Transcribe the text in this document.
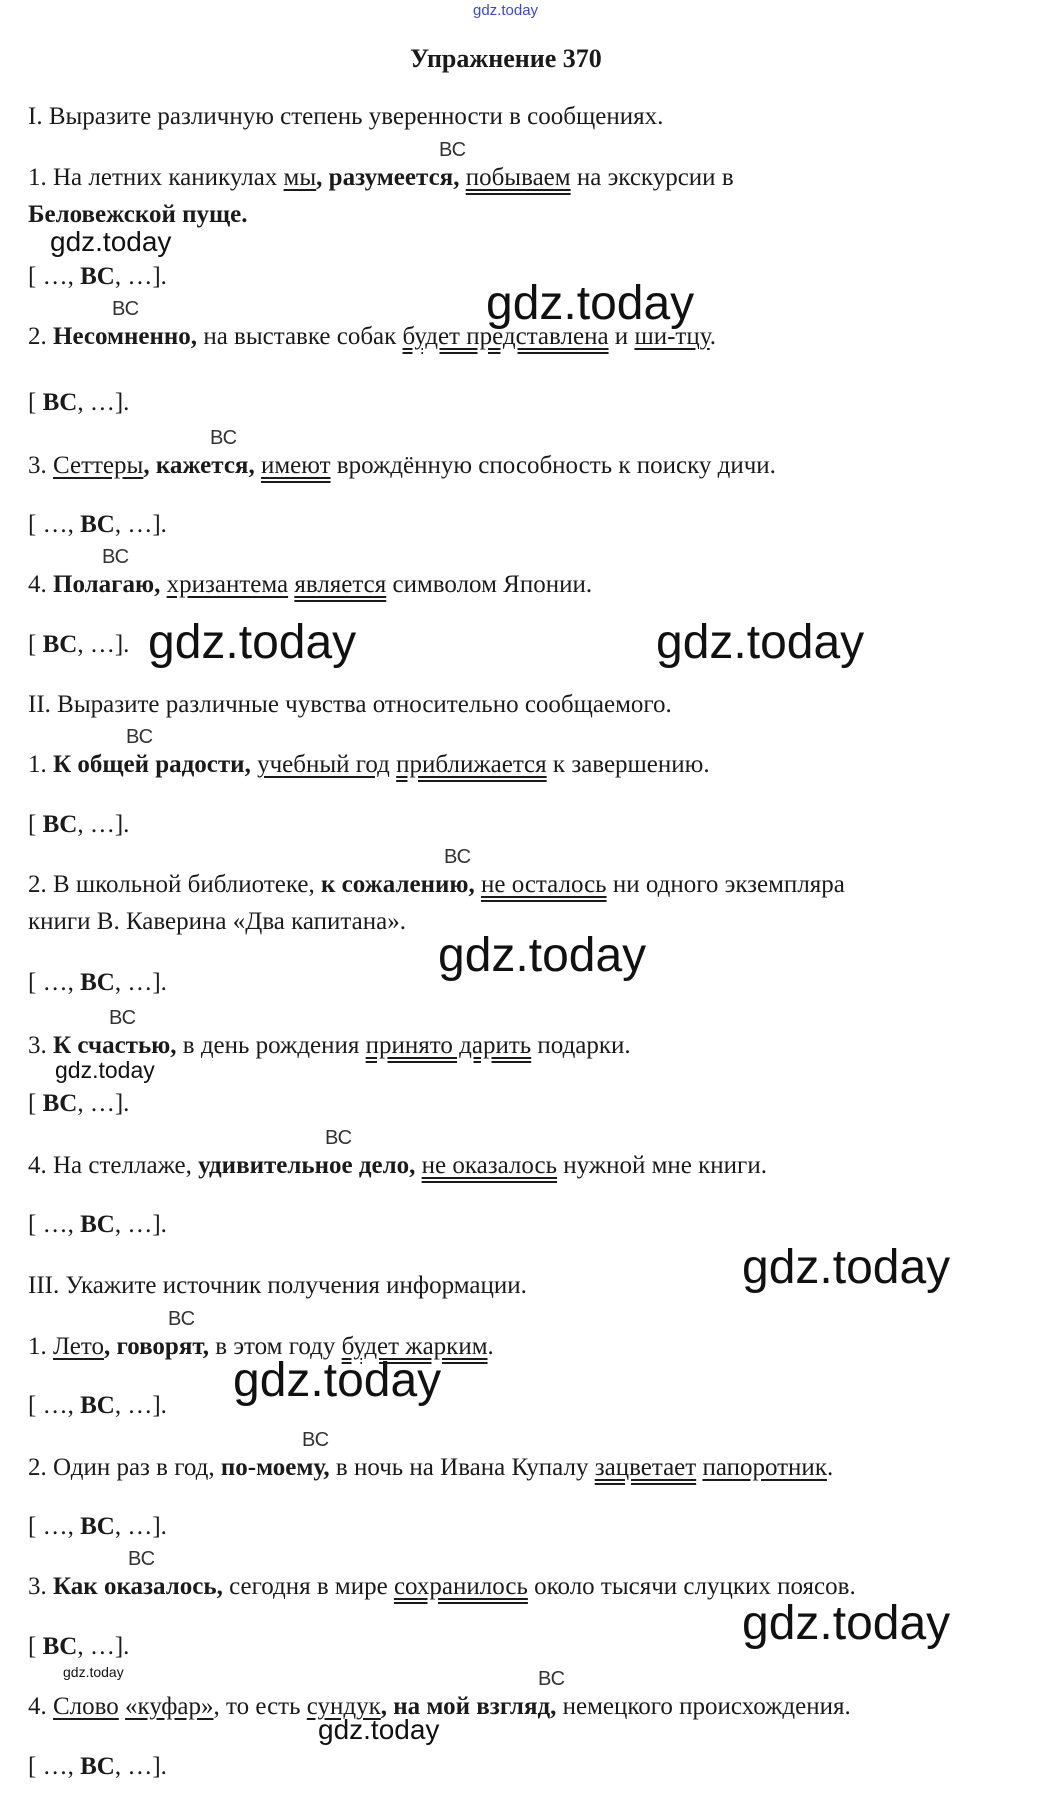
gdz.today
gdz.today
gdz.today
gdz.today	gdz.today
gdz.today
gdz.today
gdz.today
gdz.today
gdz.today
gdz.today
gdz.today
Упражнение 370
I. Выразите различную степень уверенности в сообщениях.
ВС
1. На летних каникулах мы, разумеется, побываем на экскурсии в
Беловежской пуще.
[ …, ВС, …].
ВС
2. Несомненно, на выставке собак будет представлена и ши-тцу.
[ ВС, …].
ВС
3. Сеттеры, кажется, имеют врождённую способность к поиску дичи.
[ …, ВС, …].
ВС
4. Полагаю, хризантема является символом Японии.
[ ВС, …].
II. Выразите различные чувства относительно сообщаемого.
ВС
1. К общей радости, учебный год приближается к завершению.
[ ВС, …].
ВС
2. В школьной библиотеке, к сожалению, не осталось ни одного экземпляра
книги В. Каверина «Два капитана».
[ …, ВС, …].
ВС
3. К счастью, в день рождения принято дарить подарки.
[ ВС, …].
ВС
4. На стеллаже, удивительное дело, не оказалось нужной мне книги.
[ …, ВС, …].
III. Укажите источник получения информации.
ВС
1. Лето, говорят, в этом году будет жарким.
[ …, ВС, …].
ВС
2. Один раз в год, по-моему, в ночь на Ивана Купалу зацветает папоротник.
[ …, ВС, …].
ВС
3. Как оказалось, сегодня в мире сохранилось около тысячи слуцких поясов.
[ ВС, …].
ВС
4. Слово «куфар», то есть сундук, на мой взгляд, немецкого происхождения.
[ …, ВС, …].
